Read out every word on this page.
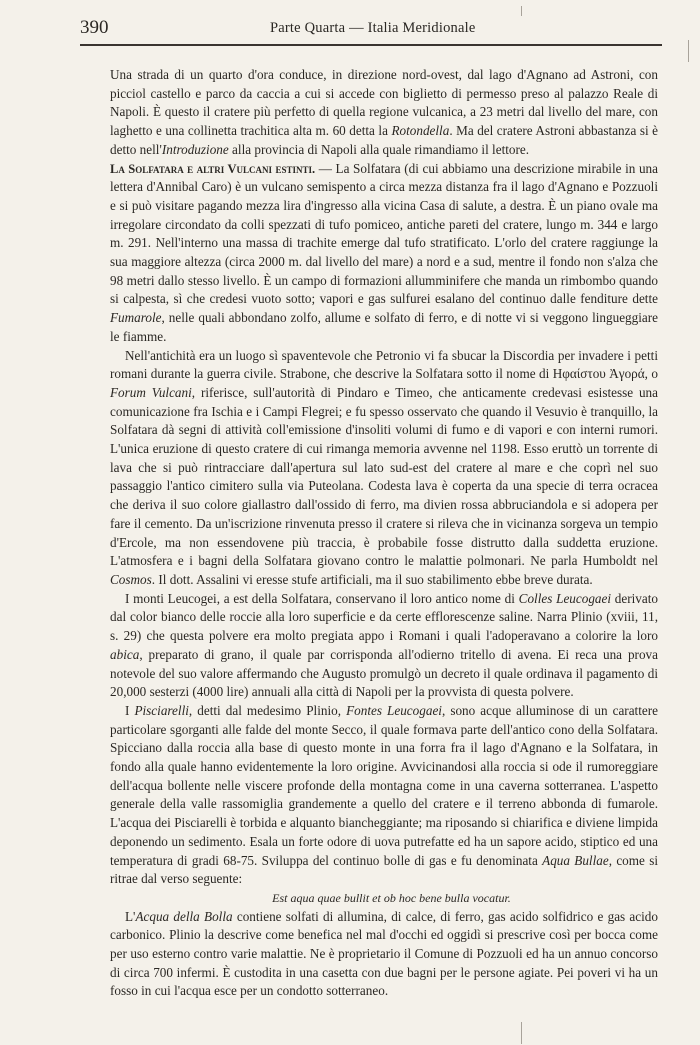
390	Parte Quarta — Italia Meridionale

Una strada di un quarto d'ora conduce, in direzione nord-ovest, dal lago d'Agnano ad Astroni, con picciol castello e parco da caccia a cui si accede con biglietto di permesso preso al palazzo Reale di Napoli. È questo il cratere più perfetto di quella regione vulcanica, a 23 metri dal livello del mare, con laghetto e una collinetta trachitica alta m. 60 detta la Rotondella. Ma del cratere Astroni abbastanza si è detto nell'Introduzione alla provincia di Napoli alla quale rimandiamo il lettore.

La Solfatara e altri Vulcani estinti. — La Solfatara (di cui abbiamo una descrizione mirabile in una lettera d'Annibal Caro) è un vulcano semispento a circa mezza distanza fra il lago d'Agnano e Pozzuoli e si può visitare pagando mezza lira d'ingresso alla vicina Casa di salute, a destra. È un piano ovale ma irregolare circondato da colli spezzati di tufo pomiceo, antiche pareti del cratere, lungo m. 344 e largo m. 291. Nell'interno una massa di trachite emerge dal tufo stratificato. L'orlo del cratere raggiunge la sua maggiore altezza (circa 2000 m. dal livello del mare) a nord e a sud, mentre il fondo non s'alza che 98 metri dallo stesso livello. È un campo di formazioni allumminifere che manda un rimbombo quando si calpesta, sì che credesi vuoto sotto; vapori e gas sulfurei esalano del continuo dalle fenditure dette Fumarole, nelle quali abbondano zolfo, allume e solfato di ferro, e di notte vi si veggono lingueggiare le fiamme.

Nell'antichità era un luogo sì spaventevole che Petronio vi fa sbucar la Discordia per invadere i petti romani durante la guerra civile. Strabone, che descrive la Solfatara sotto il nome di Ηφαίστου Ἀγορά, o Forum Vulcani, riferisce, sull'autorità di Pindaro e Timeo, che anticamente credevasi esistesse una comunicazione fra Ischia e i Campi Flegrei; e fu spesso osservato che quando il Vesuvio è tranquillo, la Solfatara dà segni di attività coll'emissione d'insoliti volumi di fumo e di vapori e con interni rumori. L'unica eruzione di questo cratere di cui rimanga memoria avvenne nel 1198. Esso eruttò un torrente di lava che si può rintracciare dall'apertura sul lato sud-est del cratere al mare e che coprì nel suo passaggio l'antico cimitero sulla via Puteolana. Codesta lava è coperta da una specie di terra ocracea che deriva il suo colore giallastro dall'ossido di ferro, ma divien rossa abbruciandola e si adopera per fare il cemento. Da un'iscrizione rinvenuta presso il cratere si rileva che in vicinanza sorgeva un tempio d'Ercole, ma non essendovene più traccia, è probabile fosse distrutto dalla suddetta eruzione. L'atmosfera e i bagni della Solfatara giovano contro le malattie polmonari. Ne parla Humboldt nel Cosmos. Il dott. Assalini vi eresse stufe artificiali, ma il suo stabilimento ebbe breve durata.

I monti Leucogei, a est della Solfatara, conservano il loro antico nome di Colles Leucogaei derivato dal color bianco delle roccie alla loro superficie e da certe efflorescenze saline. Narra Plinio (xviii, 11, s. 29) che questa polvere era molto pregiata appo i Romani i quali l'adoperavano a colorire la loro abica, preparato di grano, il quale par corrisponda all'odierno tritello di avena. Ei reca una prova notevole del suo valore affermando che Augusto promulgò un decreto il quale ordinava il pagamento di 20,000 sesterzi (4000 lire) annuali alla città di Napoli per la provvista di questa polvere.

I Pisciarelli, detti dal medesimo Plinio, Fontes Leucogaei, sono acque alluminose di un carattere particolare sgorganti alle falde del monte Secco, il quale formava parte dell'antico cono della Solfatara. Spicciano dalla roccia alla base di questo monte in una forra fra il lago d'Agnano e la Solfatara, in fondo alla quale hanno evidentemente la loro origine. Avvicinandosi alla roccia si ode il rumoreggiare dell'acqua bollente nelle viscere profonde della montagna come in una caverna sotterranea. L'aspetto generale della valle rassomiglia grandemente a quello del cratere e il terreno abbonda di fumarole. L'acqua dei Pisciarelli è torbida e alquanto biancheggiante; ma riposando si chiarifica e diviene limpida deponendo un sedimento. Esala un forte odore di uova putrefatte ed ha un sapore acido, stiptico ed una temperatura di gradi 68-75. Sviluppa del continuo bolle di gas e fu denominata Aqua Bullae, come si ritrae dal verso seguente:

Est aqua quae bullit et ob hoc bene bulla vocatur.

L'Acqua della Bolla contiene solfati di allumina, di calce, di ferro, gas acido solfidrico e gas acido carbonico. Plinio la descrive come benefica nel mal d'occhi ed oggidì si prescrive così per bocca come per uso esterno contro varie malattie. Ne è proprietario il Comune di Pozzuoli ed ha un annuo concorso di circa 700 infermi. È custodita in una casetta con due bagni per le persone agiate. Pei poveri vi ha un fosso in cui l'acqua esce per un condotto sotterraneo.
